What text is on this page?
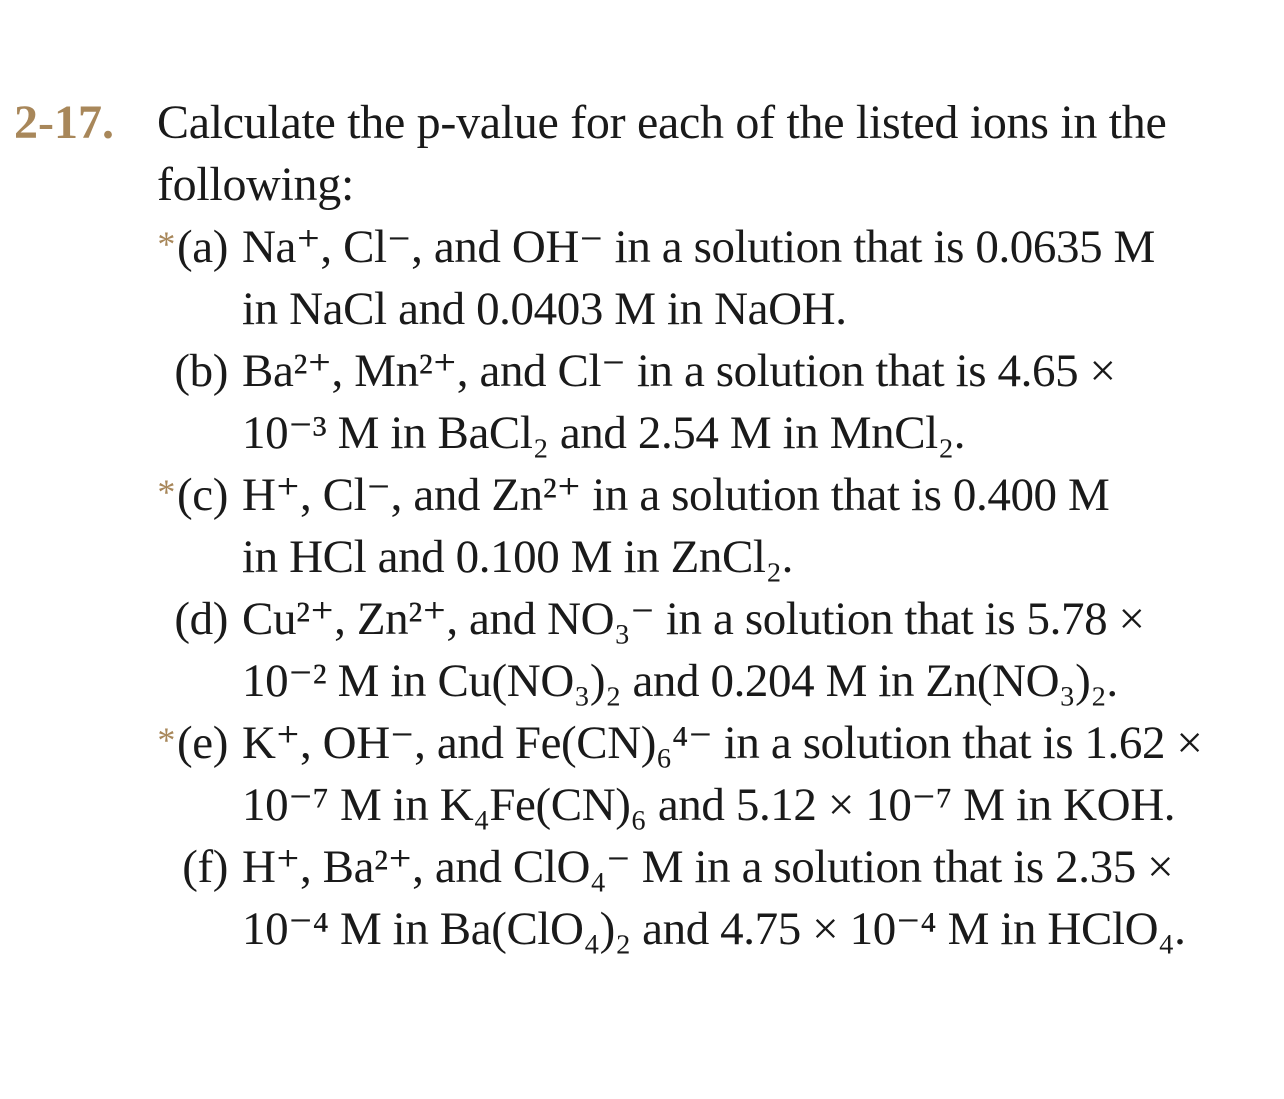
2-17. Calculate the p-value for each of the listed ions in the
following:
*(a) Na⁺, Cl⁻, and OH⁻ in a solution that is 0.0635 M
in NaCl and 0.0403 M in NaOH.
(b) Ba²⁺, Mn²⁺, and Cl⁻ in a solution that is 4.65 ×
10⁻³ M in BaCl₂ and 2.54 M in MnCl₂.
*(c) H⁺, Cl⁻, and Zn²⁺ in a solution that is 0.400 M
in HCl and 0.100 M in ZnCl₂.
(d) Cu²⁺, Zn²⁺, and NO₃⁻ in a solution that is 5.78 ×
10⁻² M in Cu(NO₃)₂ and 0.204 M in Zn(NO₃)₂.
*(e) K⁺, OH⁻, and Fe(CN)₆⁴⁻ in a solution that is 1.62 ×
10⁻⁷ M in K₄Fe(CN)₆ and 5.12 × 10⁻⁷ M in KOH.
(f) H⁺, Ba²⁺, and ClO₄⁻ M in a solution that is 2.35 ×
10⁻⁴ M in Ba(ClO₄)₂ and 4.75 × 10⁻⁴ M in HClO₄.
